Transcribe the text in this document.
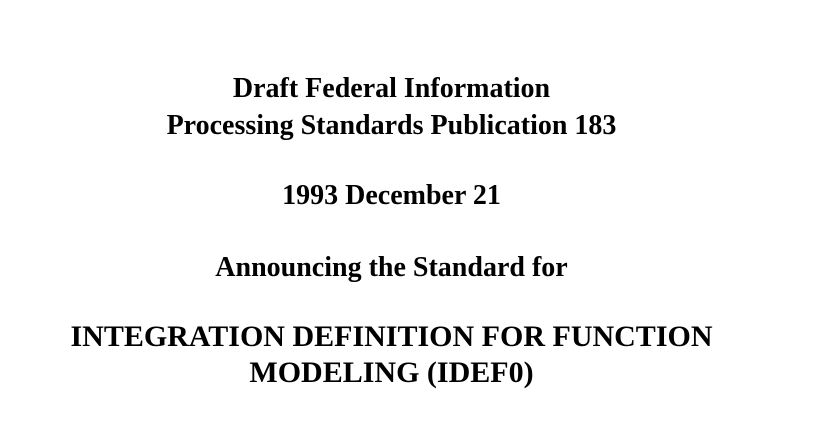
Draft Federal Information
Processing Standards Publication 183
1993 December 21
Announcing the Standard for
INTEGRATION DEFINITION FOR FUNCTION
MODELING (IDEF0)
